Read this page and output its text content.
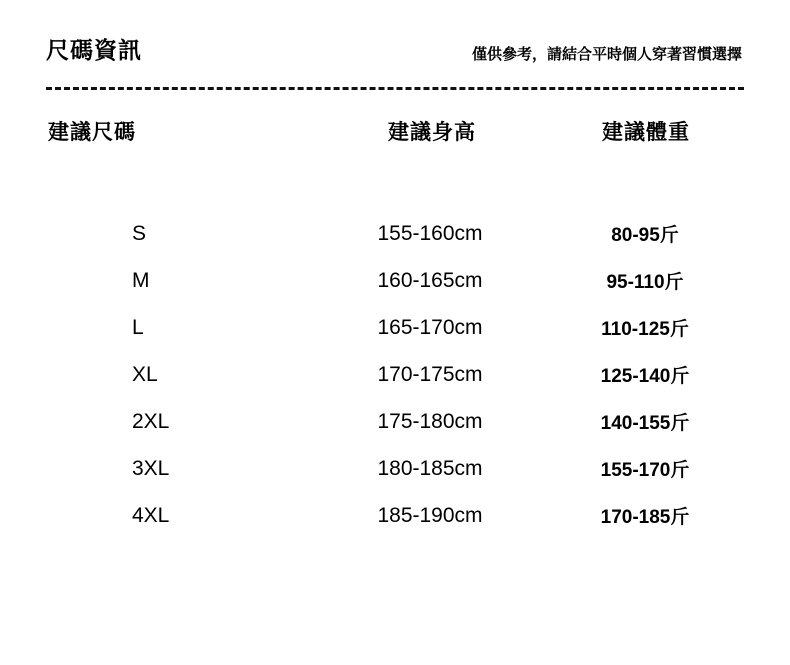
尺碼資訊	僅供參考，請結合平時個人穿著習慣選擇
建議尺碼	建議身高	建議體重
S	155-160cm	80-95斤
M	160-165cm	95-110斤
L	165-170cm	110-125斤
XL	170-175cm	125-140斤
2XL	175-180cm	140-155斤
3XL	180-185cm	155-170斤
4XL	185-190cm	170-185斤
